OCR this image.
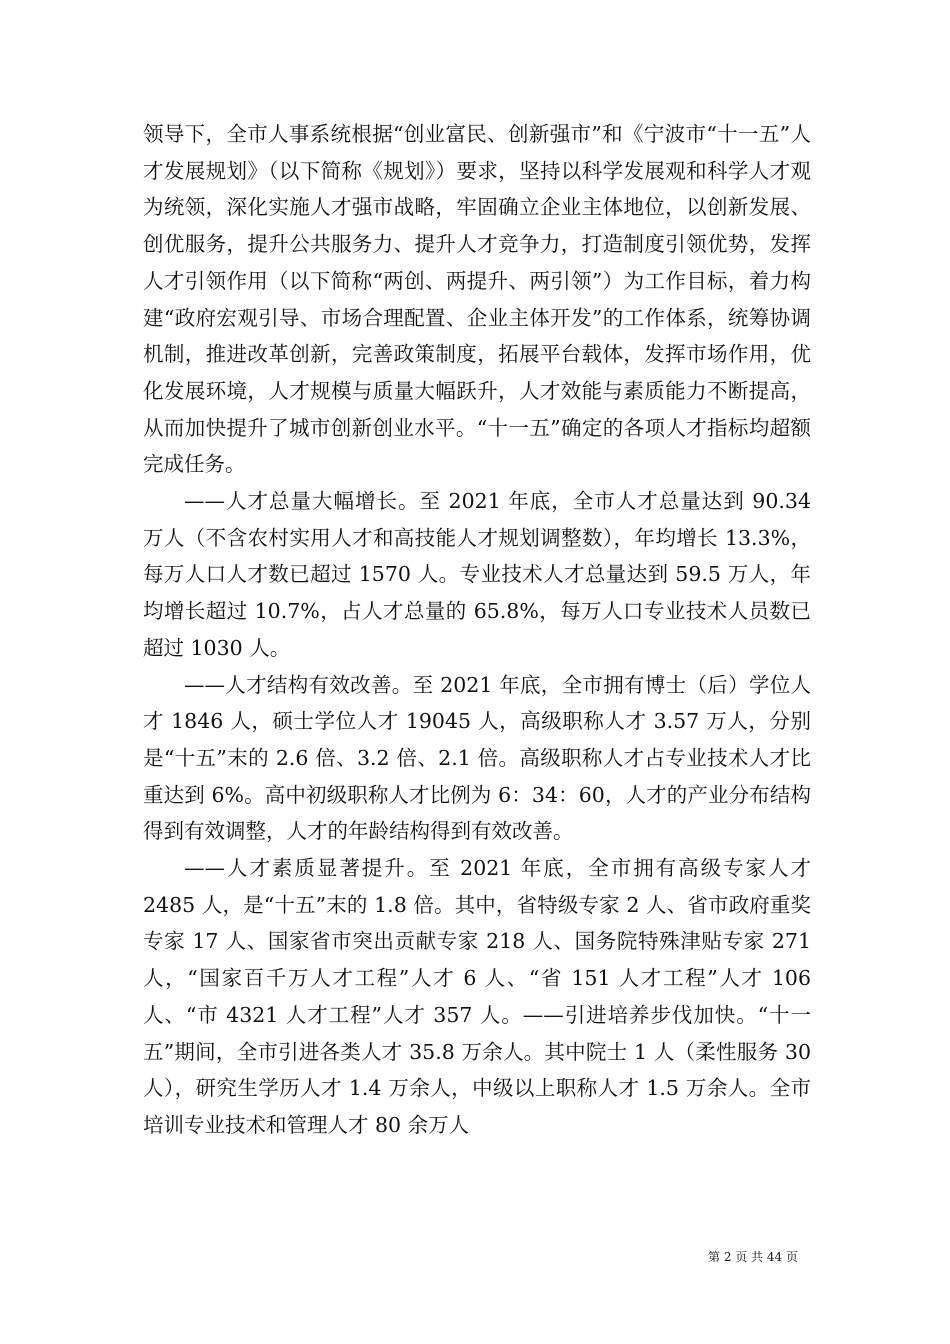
领导下，全市人事系统根据“创业富民、创新强市”和《宁波市“十一五”人才发展规划》（以下简称《规划》）要求，坚持以科学发展观和科学人才观为统领，深化实施人才强市战略，牢固确立企业主体地位，以创新发展、创优服务，提升公共服务力、提升人才竞争力，打造制度引领优势，发挥人才引领作用（以下简称“两创、两提升、两引领”）为工作目标，着力构建“政府宏观引导、市场合理配置、企业主体开发”的工作体系，统筹协调机制，推进改革创新，完善政策制度，拓展平台载体，发挥市场作用，优化发展环境，人才规模与质量大幅跃升，人才效能与素质能力不断提高，从而加快提升了城市创新创业水平。“十一五”确定的各项人才指标均超额完成任务。

——人才总量大幅增长。至 2021 年底，全市人才总量达到 90.34 万人（不含农村实用人才和高技能人才规划调整数），年均增长 13.3%，每万人口人才数已超过 1570 人。专业技术人才总量达到 59.5 万人，年均增长超过 10.7%，占人才总量的 65.8%，每万人口专业技术人员数已超过 1030 人。

——人才结构有效改善。至 2021 年底，全市拥有博士（后）学位人才 1846 人，硕士学位人才 19045 人，高级职称人才 3.57 万人，分别是“十五”末的 2.6 倍、3.2 倍、2.1 倍。高级职称人才占专业技术人才比重达到 6%。高中初级职称人才比例为 6：34：60，人才的产业分布结构得到有效调整，人才的年龄结构得到有效改善。

——人才素质显著提升。至 2021 年底，全市拥有高级专家人才 2485 人，是“十五”末的 1.8 倍。其中，省特级专家 2 人、省市政府重奖专家 17 人、国家省市突出贡献专家 218 人、国务院特殊津贴专家 271 人，“国家百千万人才工程”人才 6 人、“省 151 人才工程”人才 106 人、“市 4321 人才工程”人才 357 人。——引进培养步伐加快。“十一五”期间，全市引进各类人才 35.8 万余人。其中院士 1 人（柔性服务 30 人），研究生学历人才 1.4 万余人，中级以上职称人才 1.5 万余人。全市培训专业技术和管理人才 80 余万人

第 2 页 共 44 页
